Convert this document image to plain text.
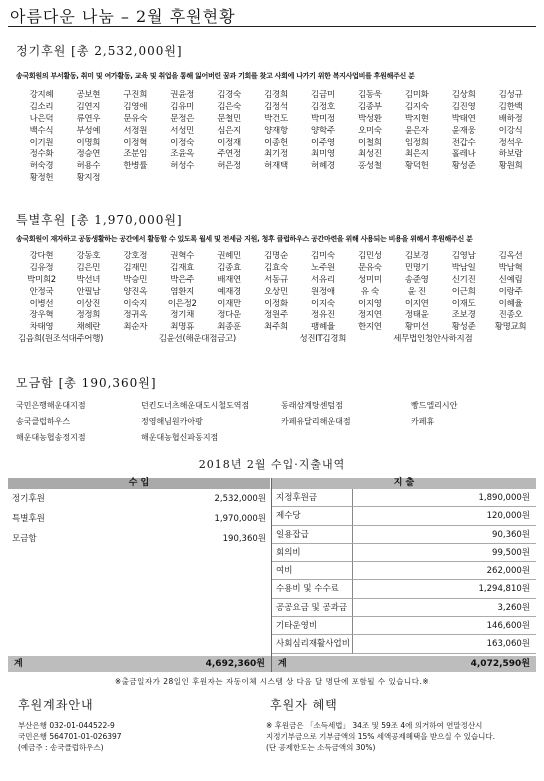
아름다운 나눔 – 2월 후원현황
정기후원 [총 2,532,000원]
송국회원의 부서활동, 취미 및 여가활동, 교육 및 취업을 통해 잃어버린 꿈과 기회를 찾고 사회에 나가기 위한 복지사업비를 후원해주신 분
강지혜	공보현	구진희	권윤정	김경숙	김경희	김금미	김동욱	김미화	김상희	김성규
김소리	김연지	김영애	김유미	김은숙	김정석	김정호	김종부	김지숙	김진영	김한백
나은덕	류연우	문유숙	문정은	문철민	박건도	박미정	박성환	박지현	박태연	배하정
백수식	부성예	서정원	서성민	심은지	양재항	양학주	오미숙	윤은자	윤재웅	이강식
이기원	이명희	이정혁	이정숙	이정재	이종헌	이주영	이철희	임정희	전갑수	정석우
정수화	정승연	조분임	조윤옥	주연정	최기정	최미영	최성진	최은지	홀레나	하보람
허숙경	허용수	한병률	허성수	허은정	허재택	허혜경	홍성철	황덕헌	황성준	황원희
황정헌	황지정
특별후원 [총 1,970,000원]
송국회원이 재자하고 공동생활하는 공간에서 활동할 수 있도록 월세 및 전세금 지원, 청후 클럽하우스 공간마련을 위해 사용되는 비용을 위해서 후원해주신 분
강다현	강동호	강호정	권혁수	권혜민	김명순	김미숙	김민성	김보경	김영남	김옥선
김유정	김은민	김재민	김재효	김종효	김효숙	노주원	문유숙	민명기	박남일	박남혁
박미희2	박선녀	박승민	박은주	배재연	서동규	서유리	성미미	송준영	신기진	신예림
안정국	안필남	양진옥	염환지	예재경	오상민	원정애	유 숙	윤 진	이근희	이랑주
이병선	이상진	이숙지	이은정2	이재만	이정화	이지숙	이지영	이지연	이재도	이혜율
장우혁	정정희	정귀옥	정기채	정다운	정원주	정유진	정지연	정태윤	조보경	진종오
차태영	채혜란	최순자	최명휴	최종훈	최주희	팽혜율	한지연	황미선	황성준	황명교희
김음희(원조석대주어행)	김윤선(해운대점금고)	성진IT김경희	세무법인청안사하지점
모금함 [총 190,360원]
국민은행해운대지점	던킨도너츠해운대도시철도역점	동래삼계탕센텀점	빵드엘리시안
송국클럽하우스	정영해님원카아팡	카페유달리해운대점	카페휴
해운대농협송정지점	해운대농협신파동지점
2018년 2월 수입·지출내역
수 입
정기후원	2,532,000원
특별후원	1,970,000원
모금함	190,360원
지 출
지정후원금	1,890,000원
제수당	120,000원
일용잡급	90,360원
회의비	99,500원
여비	262,000원
수용비 및 수수료	1,294,810원
공공요금 및 공과금	3,260원
기타운영비	146,600원
사회심리재활사업비	163,060원
계	4,692,360원 계	4,072,590원
※출금일자가 28일인 후원자는 자동이체 시스템 상 다음 달 명단에 포함될 수 있습니다.※
후원계좌안내
부산은행 032-01-044522-9
국민은행 564701-01-026397
(예금주 : 송국클럽하우스)
후원자 혜택
※ 후원금은 「소득세법」 34조 및 59조 4에 의거하여 연말정산시
지정기부금으로 기부금액의 15% 세액공제혜택을 받으실 수 있습니다.
(단 공제한도는 소득금액의 30%)
